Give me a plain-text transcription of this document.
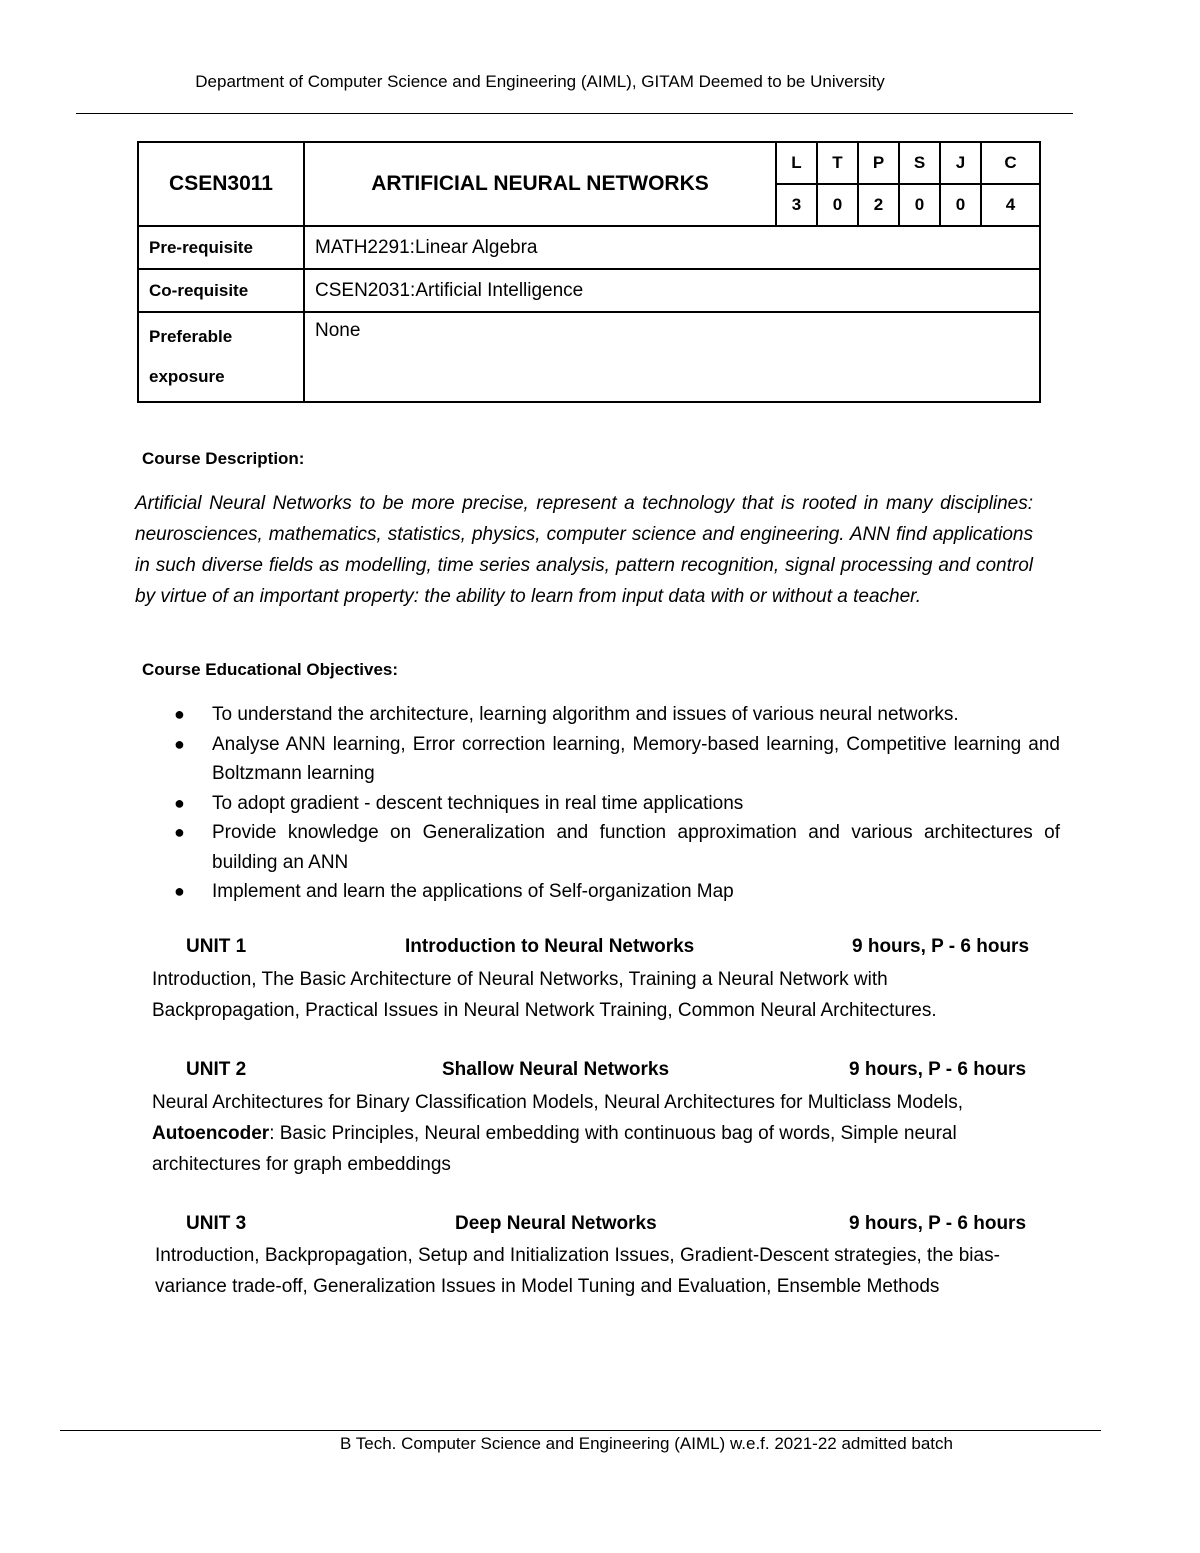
Department of Computer Science and Engineering (AIML), GITAM Deemed to be University
CSEN3011	ARTIFICIAL NEURAL NETWORKS	L	T	P	S	J	C
		3	0	2	0	0	4
Pre-requisite	MATH2291:Linear Algebra						
Co-requisite	CSEN2031:Artificial Intelligence						

Preferable
exposure	None						
Course Description:
Artificial Neural Networks to be more precise, represent a technology that is rooted in many disciplines: neurosciences, mathematics, statistics, physics, computer science and engineering. ANN find applications in such diverse fields as modelling, time series analysis, pattern recognition, signal processing and control by virtue of an important property: the ability to learn from input data with or without a teacher.
Course Educational Objectives:
● To understand the architecture, learning algorithm and issues of various neural networks.
● Analyse ANN learning, Error correction learning, Memory-based learning, Competitive learning and Boltzmann learning
● To adopt gradient - descent techniques in real time applications
● Provide knowledge on Generalization and function approximation and various architectures of building an ANN
● Implement and learn the applications of Self-organization Map
UNIT 1	Introduction to Neural Networks	9 hours, P - 6 hours
Introduction, The Basic Architecture of Neural Networks, Training a Neural Network with Backpropagation, Practical Issues in Neural Network Training, Common Neural Architectures.
UNIT 2	Shallow Neural Networks	9 hours, P - 6 hours
Neural Architectures for Binary Classification Models, Neural Architectures for Multiclass Models, Autoencoder: Basic Principles, Neural embedding with continuous bag of words, Simple neural architectures for graph embeddings
UNIT 3	Deep Neural Networks	9 hours, P - 6 hours
Introduction, Backpropagation, Setup and Initialization Issues, Gradient-Descent strategies, the bias-variance trade-off, Generalization Issues in Model Tuning and Evaluation, Ensemble Methods
B Tech. Computer Science and Engineering (AIML) w.e.f. 2021-22 admitted batch
